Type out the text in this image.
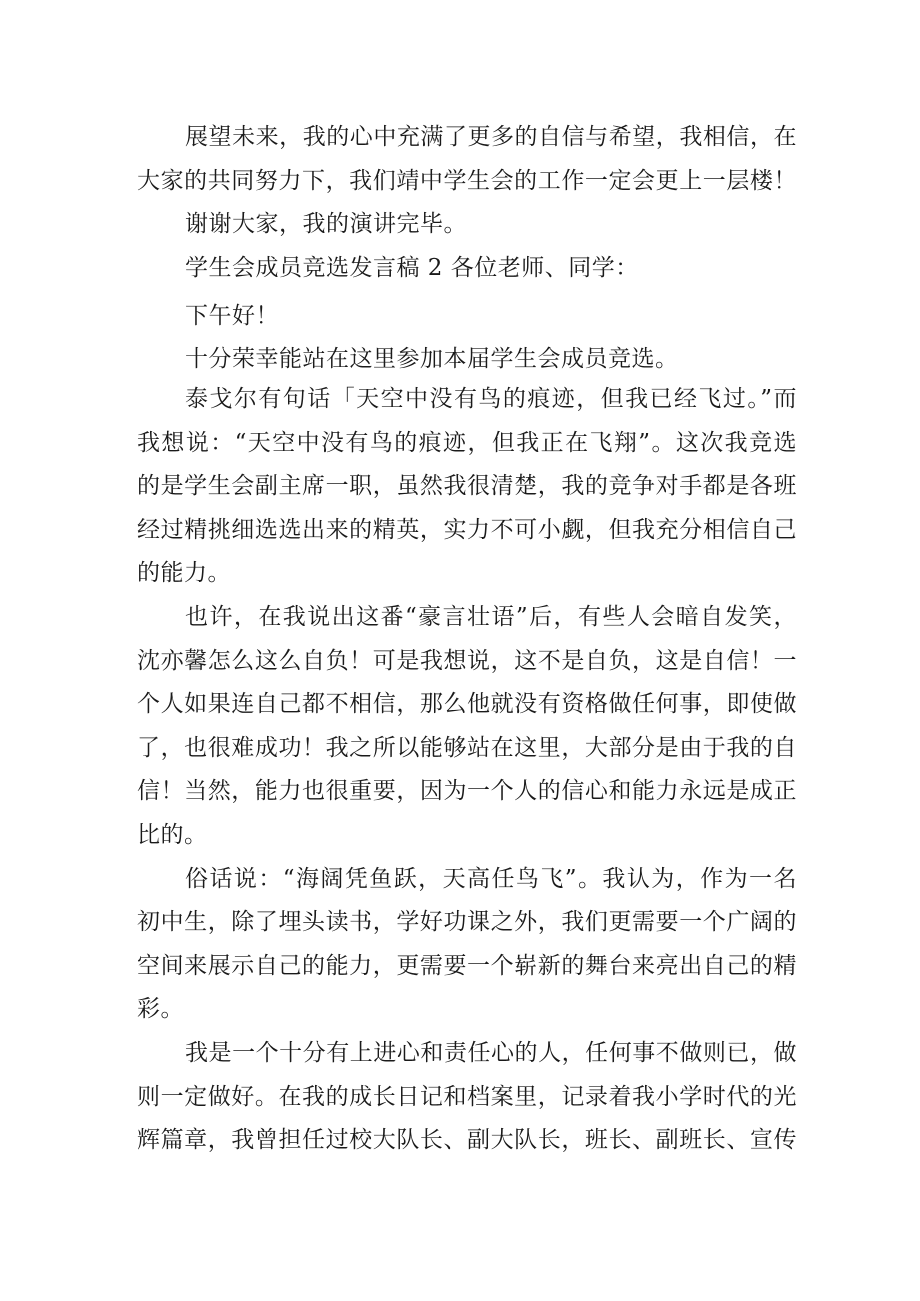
展望未来，我的心中充满了更多的自信与希望，我相信，在
大家的共同努力下，我们靖中学生会的工作一定会更上一层楼！
谢谢大家，我的演讲完毕。
学生会成员竞选发言稿 2 各位老师、同学：
下午好！
十分荣幸能站在这里参加本届学生会成员竞选。
泰戈尔有句话「天空中没有鸟的痕迹，但我已经飞过。”而
我想说：“天空中没有鸟的痕迹，但我正在飞翔”。这次我竞选
的是学生会副主席一职，虽然我很清楚，我的竞争对手都是各班
经过精挑细选选出来的精英，实力不可小觑，但我充分相信自己
的能力。
也许，在我说出这番“豪言壮语”后，有些人会暗自发笑，
沈亦馨怎么这么自负！可是我想说，这不是自负，这是自信！一
个人如果连自己都不相信，那么他就没有资格做任何事，即使做
了，也很难成功！我之所以能够站在这里，大部分是由于我的自
信！当然，能力也很重要，因为一个人的信心和能力永远是成正
比的。
俗话说：“海阔凭鱼跃，天高任鸟飞”。我认为，作为一名
初中生，除了埋头读书，学好功课之外，我们更需要一个广阔的
空间来展示自己的能力，更需要一个崭新的舞台来亮出自己的精
彩。
我是一个十分有上进心和责任心的人，任何事不做则已，做
则一定做好。在我的成长日记和档案里，记录着我小学时代的光
辉篇章，我曾担任过校大队长、副大队长，班长、副班长、宣传
